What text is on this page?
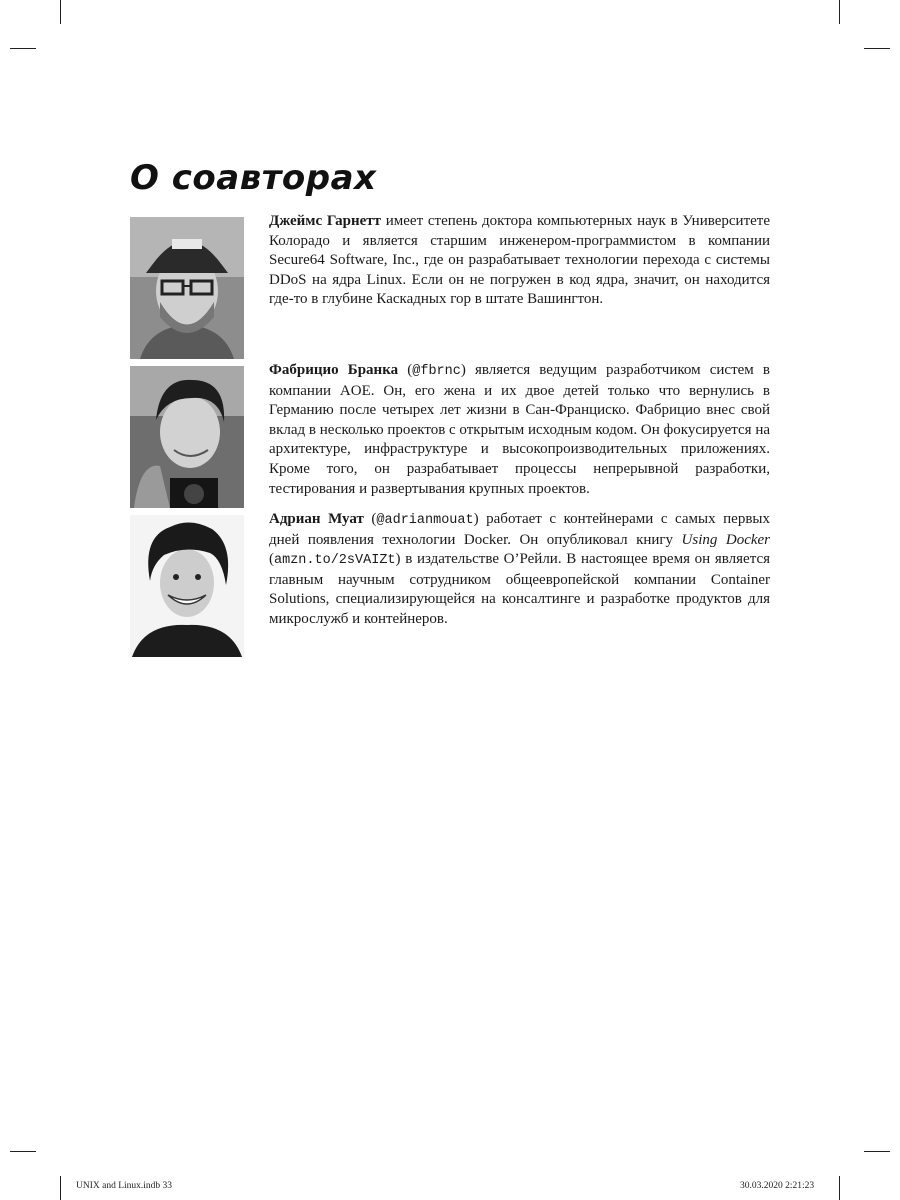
О соавторах

Джеймс Гарнетт имеет степень доктора компьютерных наук в Университете Колорадо и является старшим инженером-программистом в компании Secure64 Software, Inc., где он разрабатывает технологии перехода с системы DDoS на ядра Linux. Если он не погружен в код ядра, значит, он находится где-то в глубине Каскадных гор в штате Вашингтон.

Фабрицио Бранка (@fbrnc) является ведущим разработчиком систем в компании AOE. Он, его жена и их двое детей только что вернулись в Германию после четырех лет жизни в Сан-Франциско. Фабрицио внес свой вклад в несколько проектов с открытым исходным кодом. Он фокусируется на архитектуре, инфраструктуре и высокопроизводительных приложениях. Кроме того, он разрабатывает процессы непрерывной разработки, тестирования и развертывания крупных проектов.

Адриан Муат (@adrianmouat) работает с контейнерами с самых первых дней появления технологии Docker. Он опубликовал книгу Using Docker (amzn.to/2sVAIZt) в издательстве O’Рейли. В настоящее время он является главным научным сотрудником общеевропейской компании Container Solutions, специализирующейся на консалтинге и разработке продуктов для микрослужб и контейнеров.

UNIX and Linux.indb 33	30.03.2020 2:21:23
